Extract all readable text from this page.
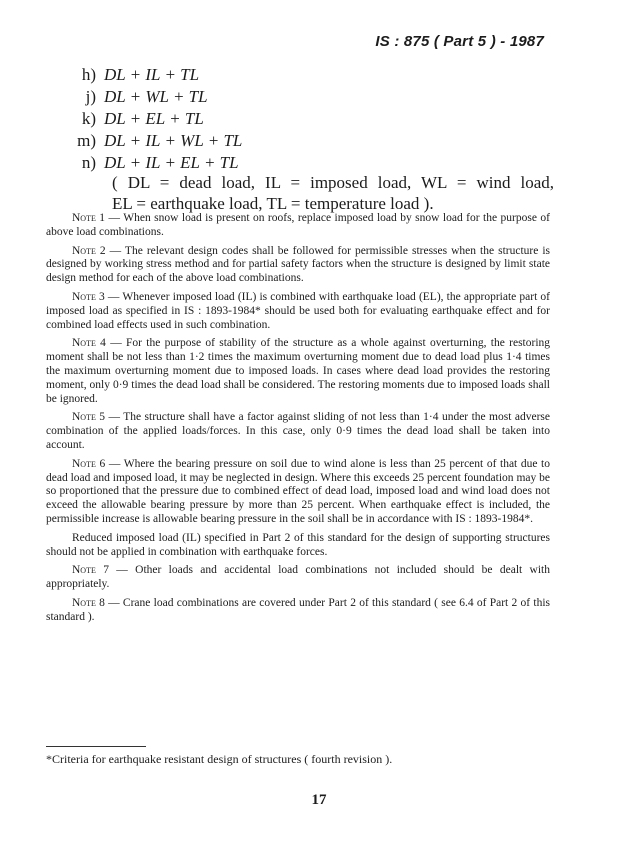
IS : 875 ( Part 5 ) - 1987
h) DL + IL + TL
j) DL + WL + TL
k) DL + EL + TL
m) DL + IL + WL + TL
n) DL + IL + EL + TL
( DL = dead load, IL = imposed load, WL = wind load,
EL = earthquake load, TL = temperature load ).

Note 1 — When snow load is present on roofs, replace imposed load by snow load for the purpose of above load combinations.

Note 2 — The relevant design codes shall be followed for permissible stresses when the structure is designed by working stress method and for partial safety factors when the structure is designed by limit state design method for each of the above load combinations.

Note 3 — Whenever imposed load (IL) is combined with earthquake load (EL), the appropriate part of imposed load as specified in IS : 1893-1984* should be used both for evaluating earthquake effect and for combined load effects used in such combination.

Note 4 — For the purpose of stability of the structure as a whole against overturning, the restoring moment shall be not less than 1·2 times the maximum overturning moment due to dead load plus 1·4 times the maximum overturning moment due to imposed loads. In cases where dead load provides the restoring moment, only 0·9 times the dead load shall be considered. The restoring moments due to imposed loads shall be ignored.

Note 5 — The structure shall have a factor against sliding of not less than 1·4 under the most adverse combination of the applied loads/forces. In this case, only 0·9 times the dead load shall be taken into account.

Note 6 — Where the bearing pressure on soil due to wind alone is less than 25 percent of that due to dead load and imposed load, it may be neglected in design. Where this exceeds 25 percent foundation may be so proportioned that the pressure due to combined effect of dead load, imposed load and wind load does not exceed the allowable bearing pressure by more than 25 percent. When earthquake effect is included, the permissible increase is allowable bearing pressure in the soil shall be in accordance with IS : 1893-1984*.

Reduced imposed load (IL) specified in Part 2 of this standard for the design of supporting structures should not be applied in combination with earthquake forces.

Note 7 — Other loads and accidental load combinations not included should be dealt with appropriately.

Note 8 — Crane load combinations are covered under Part 2 of this standard ( see 6.4 of Part 2 of this standard ).

*Criteria for earthquake resistant design of structures ( fourth revision ).
17
